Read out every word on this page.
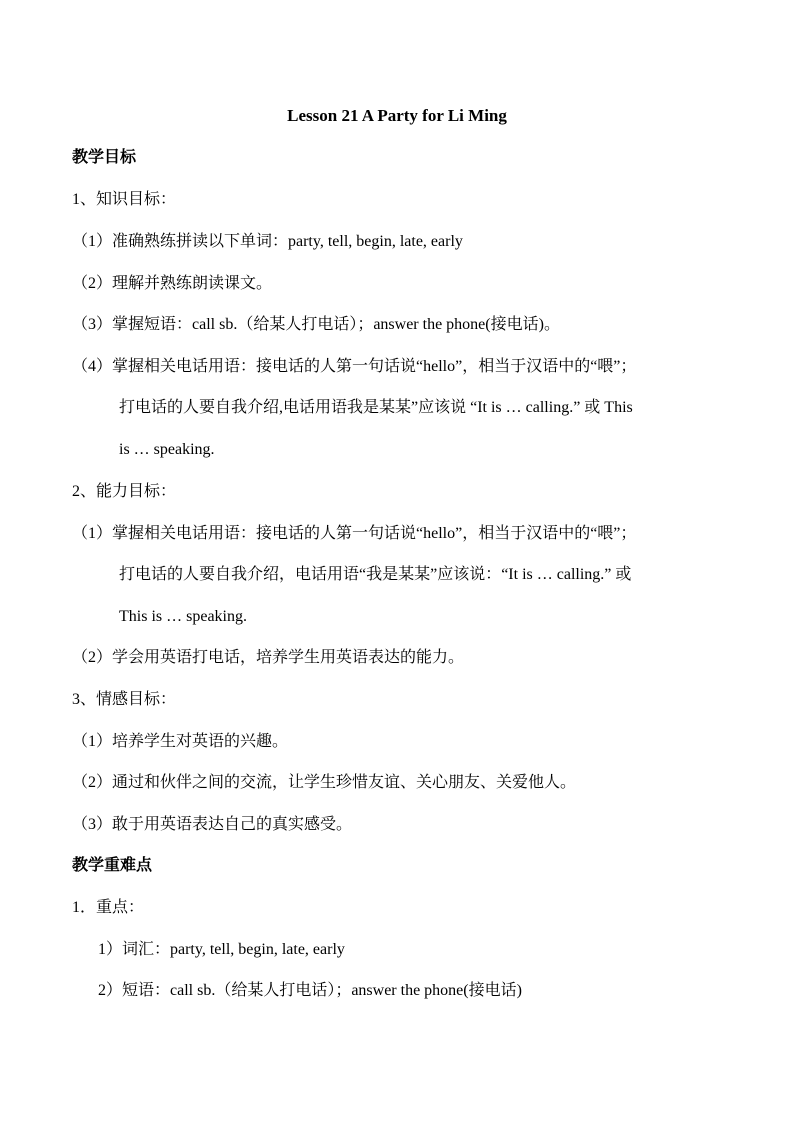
Lesson 21 A Party for Li Ming
教学目标
1、知识目标：
（1）准确熟练拼读以下单词：party, tell, begin, late, early
（2）理解并熟练朗读课文。
（3）掌握短语：call sb.（给某人打电话）；answer the phone(接电话)。
（4）掌握相关电话用语：接电话的人第一句话说“hello”，相当于汉语中的“喂”；
打电话的人要自我介绍,电话用语我是某某”应该说 “It is … calling.” 或 This
is … speaking.
2、能力目标：
（1）掌握相关电话用语：接电话的人第一句话说“hello”，相当于汉语中的“喂”；
打电话的人要自我介绍，电话用语“我是某某”应该说：“It is … calling.” 或
This is … speaking.
（2）学会用英语打电话，培养学生用英语表达的能力。
3、情感目标：
（1）培养学生对英语的兴趣。
（2）通过和伙伴之间的交流，让学生珍惜友谊、关心朋友、关爱他人。
（3）敢于用英语表达自己的真实感受。
教学重难点
1．重点：
1）词汇：party, tell, begin, late, early
2）短语：call sb.（给某人打电话）；answer the phone(接电话)
